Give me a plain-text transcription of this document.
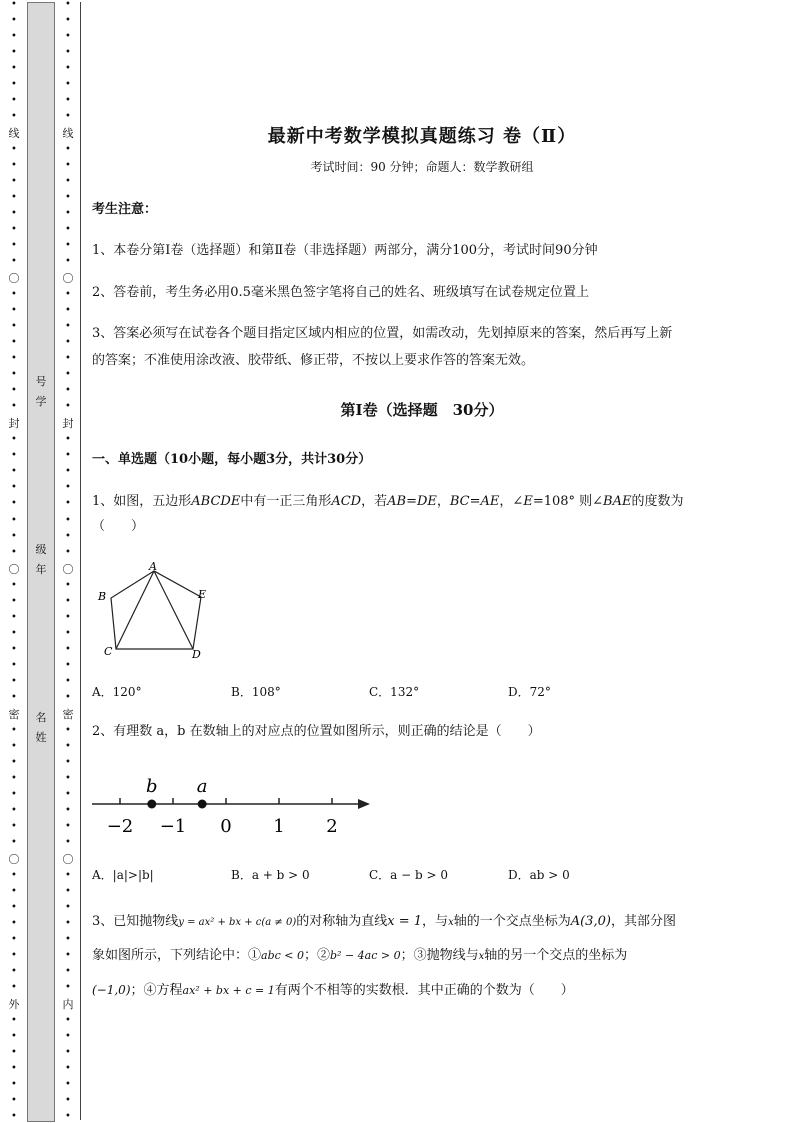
•
•
•
•
•
•
•
•
线
•
•
•
•
•
•
•
•
〇
•
•
•
•
•
•
•
•
封
•
•
•
•
•
•
•
•
〇
•
•
•
•
•
•
•
•
密
•
•
•
•
•
•
•
•
〇
•
•
•
•
•
•
•
•
外
•
•
•
•
•
•
•
号 学
级 年
名 姓
•
•
•
•
•
•
•
•
线
•
•
•
•
•
•
•
•
〇
•
•
•
•
•
•
•
•
封
•
•
•
•
•
•
•
•
〇
•
•
•
•
•
•
•
•
密
•
•
•
•
•
•
•
•
〇
•
•
•
•
•
•
•
•
内
•
•
•
•
•
•
•
最新中考数学模拟真题练习 卷（Ⅱ）
考试时间：90 分钟；命题人：数学教研组
考生注意：
1、本卷分第Ⅰ卷（选择题）和第Ⅱ卷（非选择题）两部分，满分100分，考试时间90分钟
2、答卷前，考生务必用0.5毫米黑色签字笔将自己的姓名、班级填写在试卷规定位置上
3、答案必须写在试卷各个题目指定区域内相应的位置，如需改动，先划掉原来的答案，然后再写上新
的答案；不准使用涂改液、胶带纸、修正带，不按以上要求作答的答案无效。
第Ⅰ卷（选择题　30分）
一、单选题（10小题，每小题3分，共计30分）
1、如图，五边形ABCDE中有一正三角形ACD，若AB=DE，BC=AE，∠E=108° 则∠BAE的度数为
（　　）
A
B
C	D
E
A．120°	B．108°	C．132°	D．72°
2、有理数 a，b 在数轴上的对应点的位置如图所示，则正确的结论是（　　）
−2 −1 0 1 2
b a
A．|a|>|b|	B．a + b > 0	C．a − b > 0	D．ab > 0
3、已知抛物线y = ax² + bx + c(a ≠ 0)的对称轴为直线x = 1，与x轴的一个交点坐标为A(3,0)，其部分图
象如图所示，下列结论中：①abc < 0；②b² − 4ac > 0；③抛物线与x轴的另一个交点的坐标为
(−1,0)；④方程ax² + bx + c = 1有两个不相等的实数根．其中正确的个数为（　　）
